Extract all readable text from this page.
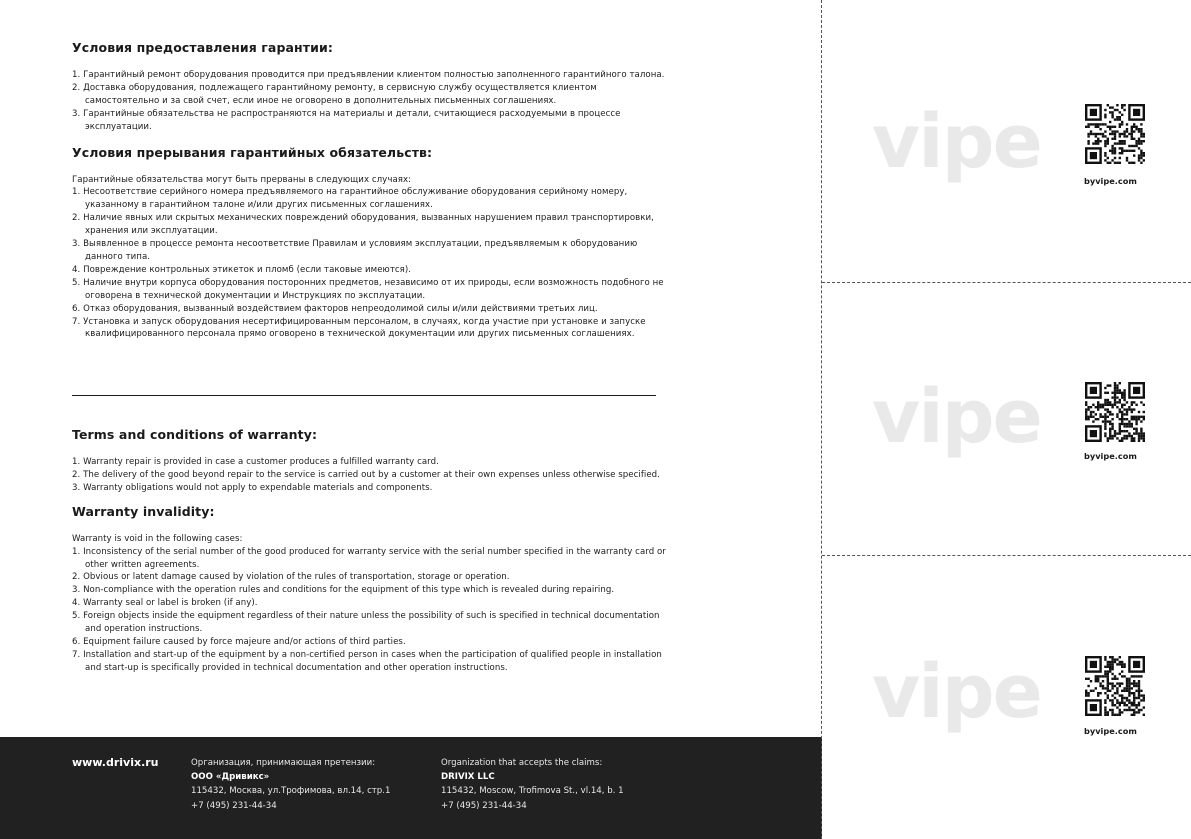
Условия предоставления гарантии:

1. Гарантийный ремонт оборудования проводится при предъявлении клиентом полностью заполненного гарантийного талона.
2. Доставка оборудования, подлежащего гарантийному ремонту, в сервисную службу осуществляется клиентом самостоятельно и за свой счет, если иное не оговорено в дополнительных письменных соглашениях.
3. Гарантийные обязательства не распространяются на материалы и детали, считающиеся расходуемыми в процессе эксплуатации.

Условия прерывания гарантийных обязательств:

Гарантийные обязательства могут быть прерваны в следующих случаях:

1. Несоответствие серийного номера предъявляемого на гарантийное обслуживание оборудования серийному номеру, указанному в гарантийном талоне и/или других письменных соглашениях.
2. Наличие явных или скрытых механических повреждений оборудования, вызванных нарушением правил транспортировки, хранения или эксплуатации.
3. Выявленное в процессе ремонта несоответствие Правилам и условиям эксплуатации, предъявляемым к оборудованию данного типа.
4. Повреждение контрольных этикеток и пломб (если таковые имеются).
5. Наличие внутри корпуса оборудования посторонних предметов, независимо от их природы, если возможность подобного не оговорена в технической документации и Инструкциях по эксплуатации.
6. Отказ оборудования, вызванный воздействием факторов непреодолимой силы и/или действиями третьих лиц.
7. Установка и запуск оборудования несертифицированным персоналом, в случаях, когда участие при установке и запуске квалифицированного персонала прямо оговорено в технической документации или других письменных соглашениях.

Terms and conditions of warranty:

1. Warranty repair is provided in case a customer produces a fulfilled warranty card.
2. The delivery of the good beyond repair to the service is carried out by a customer at their own expenses unless otherwise specified.
3. Warranty obligations would not apply to expendable materials and components.

Warranty invalidity:

Warranty is void in the following cases:

1. Inconsistency of the serial number of the good produced for warranty service with the serial number specified in the warranty card or other written agreements.
2. Obvious or latent damage caused by violation of the rules of transportation, storage or operation.
3. Non-compliance with the operation rules and conditions for the equipment of this type which is revealed during repairing.
4. Warranty seal or label is broken (if any).
5. Foreign objects inside the equipment regardless of their nature unless the possibility of such is specified in technical documentation and operation instructions.
6. Equipment failure caused by force majeure and/or actions of third parties.
7. Installation and start-up of the equipment by a non-certified person in cases when the participation of qualified people in installation and start-up is specifically provided in technical documentation and other operation instructions.
www.drivix.ru	Организация, принимающая претензии:
ООО «Дривикс»
115432, Москва, ул.Трофимова, вл.14, стр.1
+7 (495) 231-44-34
Organization that accepts the claims:
DRIVIX LLC
115432, Moscow, Trofimova St., vl.14, b. 1
+7 (495) 231-44-34
vipe	byvipe.com
vipe	byvipe.com
vipe	byvipe.com
